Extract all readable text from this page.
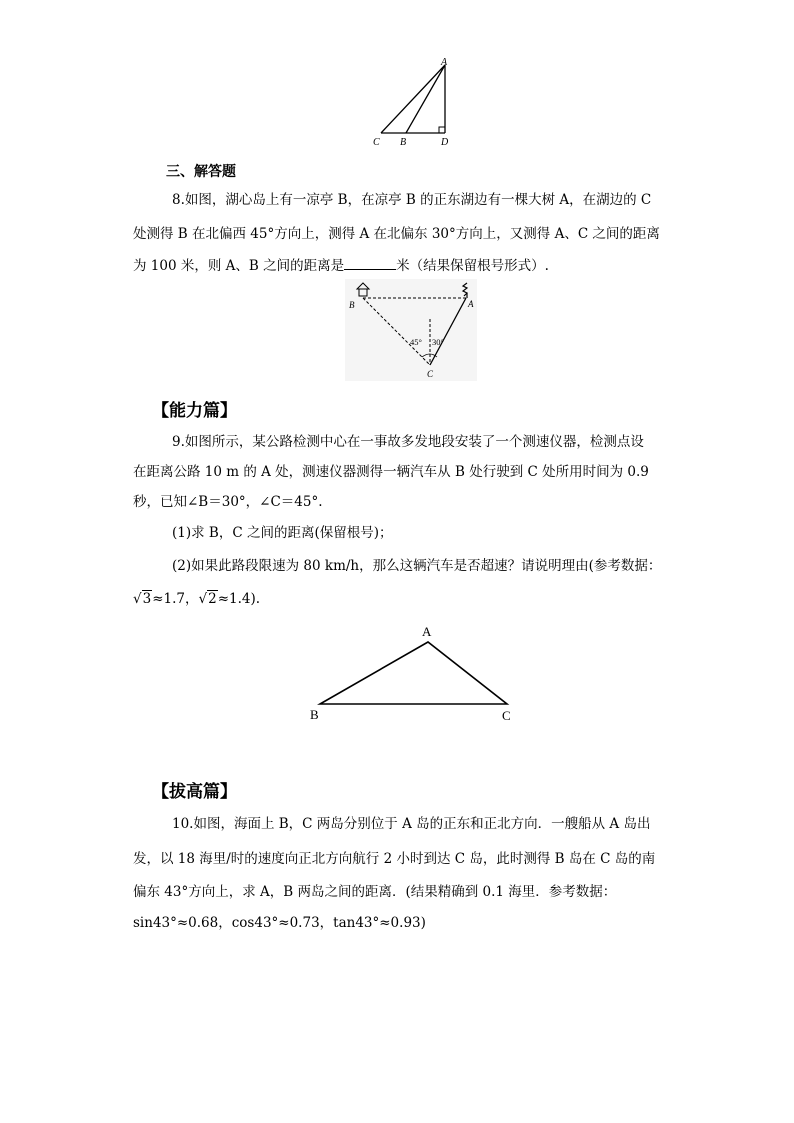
A
C B	D
三、解答题
8.如图，湖心岛上有一凉亭 B，在凉亭 B 的正东湖边有一棵大树 A，在湖边的 C
处测得 B 在北偏西 45°方向上，测得 A 在北偏东 30°方向上，又测得 A、C 之间的距离
为 100 米，则 A、B 之间的距离是	米（结果保留根号形式）.
B	A
C
45° 30°
【能力篇】
9.如图所示，某公路检测中心在一事故多发地段安装了一个测速仪器，检测点设
在距离公路 10 m 的 A 处，测速仪器测得一辆汽车从 B 处行驶到 C 处所用时间为 0.9
秒，已知∠B＝30°，∠C＝45°.
(1)求 B，C 之间的距离(保留根号)；
(2)如果此路段限速为 80 km/h，那么这辆汽车是否超速？请说明理由(参考数据：
√3≈1.7，√2≈1.4).
A
B	C
【拔高篇】
10.如图，海面上 B，C 两岛分别位于 A 岛的正东和正北方向．一艘船从 A 岛出
发，以 18 海里/时的速度向正北方向航行 2 小时到达 C 岛，此时测得 B 岛在 C 岛的南
偏东 43°方向上，求 A，B 两岛之间的距离．(结果精确到 0.1 海里．参考数据：
sin43°≈0.68，cos43°≈0.73，tan43°≈0.93)
